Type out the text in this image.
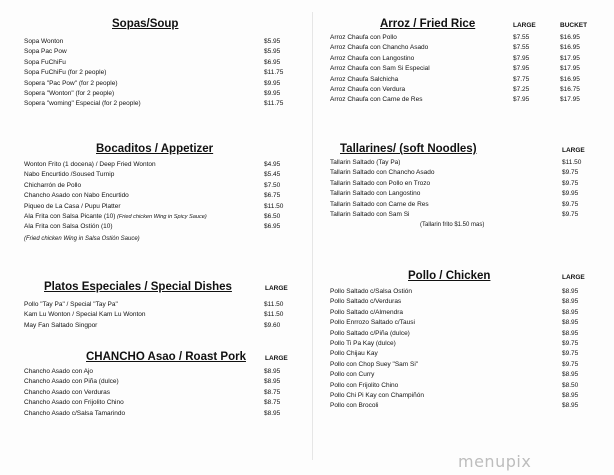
Sopas/Soup
Sopa Wonton	$5.95
Sopa Pac Pow	$5.95
Sopa FuChiFu	$6.95
Sopa FuChiFu (for 2 people)	$11.75
Sopera "Pac Pow" (for 2 people)	$9.95
Sopera "Wonton" (for 2 people)	$9.95
Sopera "woming" Especial (for 2 people)	$11.75
Bocaditos / Appetizer
Wonton Frito (1 docena) / Deep Fried Wonton	$4.95
Nabo Encurtido /Soused Turnip	$5.45
Chicharrón de Pollo	$7.50
Chancho Asado con Nabo Encurtido	$6.75
Piqueo de La Casa / Pupu Platter	$11.50
Ala Frita con Salsa Picante (10) (Fried chicken Wing in Spicy Sauce)	$6.50
Ala Frita con Salsa Ostión (10)	$6.95
(Fried chicken Wing in Salsa Ostión Sauce)
Platos Especiales / Special Dishes	LARGE
Pollo "Tay Pa" / Special "Tay Pa"	$11.50
Kam Lu Wonton / Special Kam Lu Wonton	$11.50
May Fan Saltado Singpor	$9.60
CHANCHO Asao / Roast Pork	LARGE
Chancho Asado con Ajo	$8.95
Chancho Asado con Piña (dulce)	$8.95
Chancho Asado con Verduras	$8.75
Chancho Asado con Frijolito Chino	$8.75
Chancho Asado c/Salsa Tamarindo	$8.95
Arroz / Fried Rice	LARGE	BUCKET
Arroz Chaufa con Pollo	$7.55	$16.95
Arroz Chaufa con Chancho Asado	$7.55	$16.95
Arroz Chaufa con Langostino	$7.95	$17.95
Arroz Chaufa con Sam Si Especial	$7.95	$17.95
Arroz Chaufa Salchicha	$7.75	$16.95
Arroz Chaufa con Verdura	$7.25	$16.75
Arroz Chaufa con Carne de Res	$7.95	$17.95
Tallarines/ (soft Noodles)	LARGE
Tallarin Saltado (Tay Pa)	$11.50
Tallarin Saltado con Chancho Asado	$9.75
Tallarin Saltado con Pollo en Trozo	$9.75
Tallarin Saltado con Langostino	$9.95
Tallarin Saltado con Carne de Res	$9.75
Tallarin Saltado con Sam Si	$9.75
(Tallarin frito $1.50 mas)
Pollo / Chicken	LARGE
Pollo Saltado c/Salsa Ostión	$8.95
Pollo Saltado c/Verduras	$8.95
Pollo Saltado c/Almendra	$8.95
Pollo Enrrozo Saltado c/Tausi	$8.95
Pollo Saltado c/Piña (dulce)	$8.95
Pollo Ti Pa Kay (dulce)	$9.75
Pollo Chijau Kay	$9.75
Pollo con Chop Suey "Sam Si"	$9.75
Pollo con Curry	$8.95
Pollo con Frijolito Chino	$8.50
Pollo Chi Pi Kay con Champiñón	$8.95
Pollo con Brocoli	$8.95
menupix
